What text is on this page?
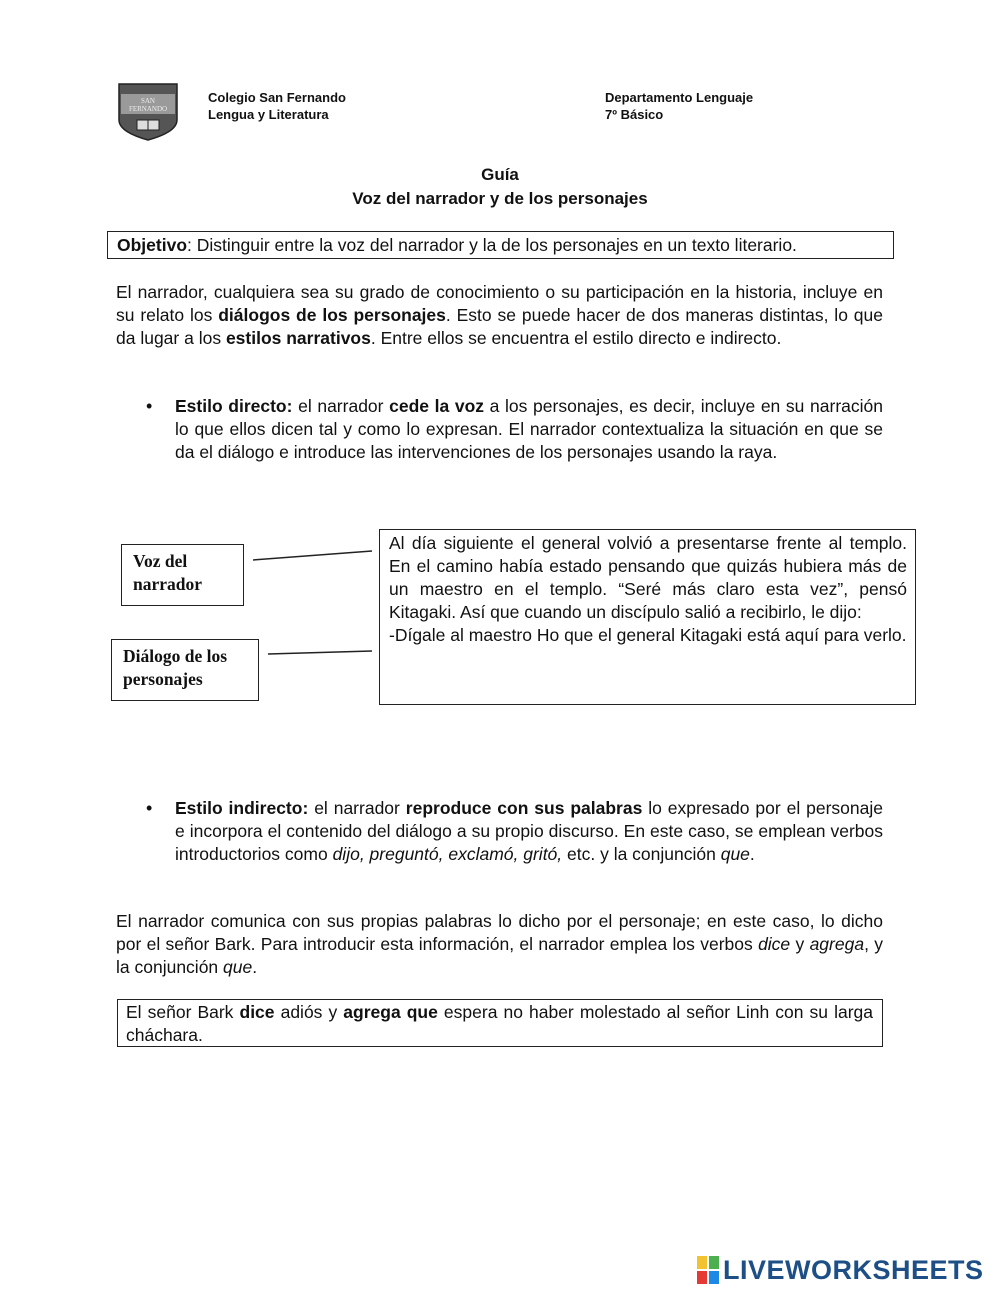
SAN
FERNANDO
Colegio San Fernando
Lengua y Literatura
Departamento Lenguaje
7º Básico
Guía
Voz del narrador y de los personajes
Objetivo: Distinguir entre la voz del narrador y la de los personajes en un texto literario.
El narrador, cualquiera sea su grado de conocimiento o su participación en la historia, incluye en su relato los diálogos de los personajes. Esto se puede hacer de dos maneras distintas, lo que da lugar a los estilos narrativos. Entre ellos se encuentra el estilo directo e indirecto.
• Estilo directo: el narrador cede la voz a los personajes, es decir, incluye en su narración lo que ellos dicen tal y como lo expresan. El narrador contextualiza la situación en que se da el diálogo e introduce las intervenciones de los personajes usando la raya.
Voz del narrador
Diálogo de los personajes
Al día siguiente el general volvió a presentarse frente al templo. En el camino había estado pensando que quizás hubiera más de un maestro en el templo. “Seré más claro esta vez”, pensó Kitagaki. Así que cuando un discípulo salió a recibirlo, le dijo:
-Dígale al maestro Ho que el general Kitagaki está aquí para verlo.
• Estilo indirecto: el narrador reproduce con sus palabras lo expresado por el personaje e incorpora el contenido del diálogo a su propio discurso. En este caso, se emplean verbos introductorios como dijo, preguntó, exclamó, gritó, etc. y la conjunción que.
El narrador comunica con sus propias palabras lo dicho por el personaje; en este caso, lo dicho por el señor Bark. Para introducir esta información, el narrador emplea los verbos dice y agrega, y la conjunción que.
El señor Bark dice adiós y agrega que espera no haber molestado al señor Linh con su larga cháchara.
LIVEWORKSHEETS
